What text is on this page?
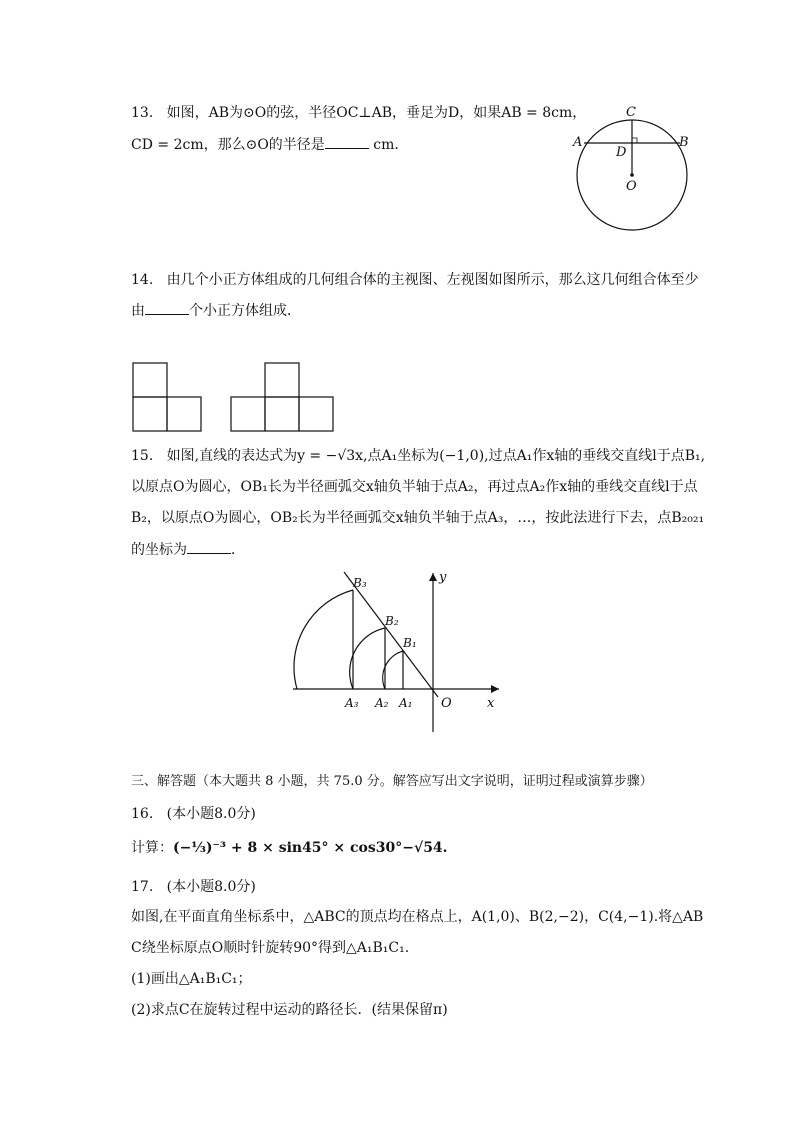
13. 如图，AB为⊙O的弦，半径OC⊥AB，垂足为D，如果AB = 8cm，
CD = 2cm，那么⊙O的半径是	cm．
C
A	B
D
O
14. 由几个小正方体组成的几何组合体的主视图、左视图如图所示，那么这几何组合体至少
由	个小正方体组成．
15. 如图,直线的表达式为y = −√3x,点A₁坐标为(−1,0),过点A₁作x轴的垂线交直线l于点B₁,
以原点O为圆心，OB₁长为半径画弧交x轴负半轴于点A₂，再过点A₂作x轴的垂线交直线l于点
B₂，以原点O为圆心，OB₂长为半径画弧交x轴负半轴于点A₃，…，按此法进行下去，点B₂₀₂₁
的坐标为	．
B₃
B₂
B₁
A₃ A₂ A₁ O	x
y
三、解答题（本大题共 8 小题，共 75.0 分。解答应写出文字说明，证明过程或演算步骤）
16. (本小题8.0分)
计算：(−⅓)⁻³ + 8 × sin45° × cos30°−√54.
17. (本小题8.0分)
如图,在平面直角坐标系中，△ABC的顶点均在格点上，A(1,0)、B(2,−2)，C(4,−1).将△AB
C绕坐标原点O顺时针旋转90°得到△A₁B₁C₁.
(1)画出△A₁B₁C₁；
(2)求点C在旋转过程中运动的路径长．(结果保留π)
